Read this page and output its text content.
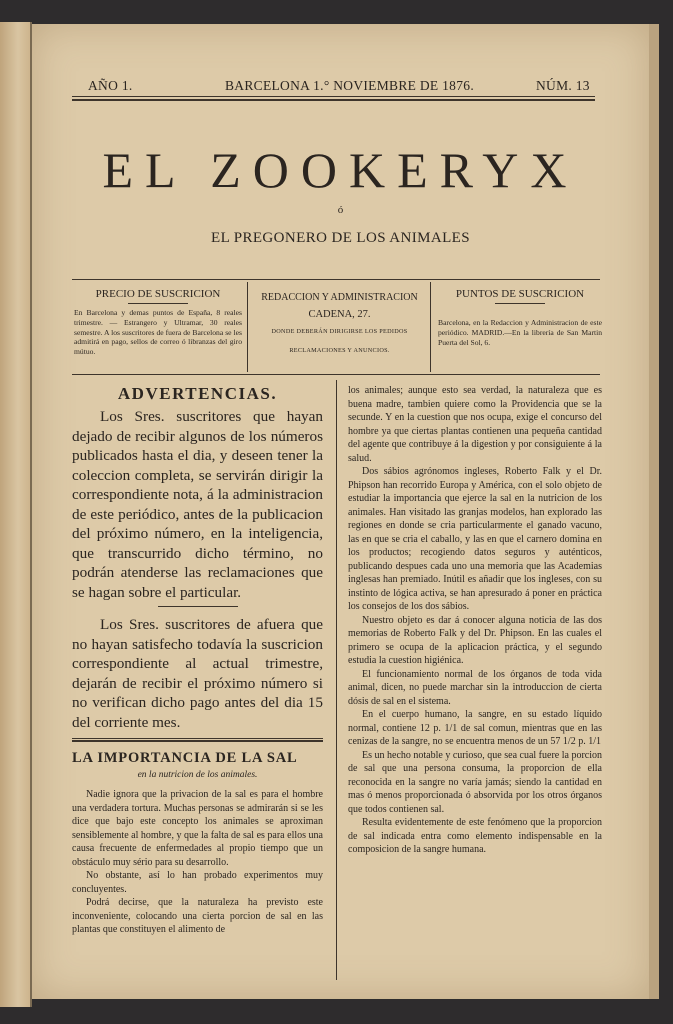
AÑO 1.	BARCELONA 1.° NOVIEMBRE DE 1876.	NÚM. 13
EL ZOOKERYX
ó
EL PREGONERO DE LOS ANIMALES
PRECIO DE SUSCRICION
En Barcelona y demas puntos de España, 8 reales trimestre. — Estrangero y Ultramar, 30 reales semestre. A los suscritores de fuera de Barcelona se les admitirá en pago, sellos de correo ó libranzas del giro mútuo.
REDACCION Y ADMINISTRACION
CADENA, 27.
DONDE DEBERÁN DIRIGIRSE LOS PEDIDOS
RECLAMACIONES Y ANUNCIOS.
PUNTOS DE SUSCRICION
Barcelona, en la Redaccion y Administracion de este periódico. MADRID.—En la librería de San Martin Puerta del Sol, 6.
ADVERTENCIAS.

Los Sres. suscritores que hayan dejado de recibir algunos de los números publicados hasta el dia, y deseen tener la coleccion completa, se servirán dirigir la correspondiente nota, á la administracion de este periódico, antes de la publicacion del próximo número, en la inteligencia, que transcurrido dicho término, no podrán atenderse las reclamaciones que se hagan sobre el particular.

Los Sres. suscritores de afuera que no hayan satisfecho todavía la suscricion correspondiente al actual trimestre, dejarán de recibir el próximo número si no verifican dicho pago antes del dia 15 del corriente mes.

LA IMPORTANCIA DE LA SAL
en la nutricion de los animales.

Nadie ignora que la privacion de la sal es para el hombre una verdadera tortura. Muchas personas se admirarán si se les dice que bajo este concepto los animales se aproximan sensiblemente al hombre, y que la falta de sal es para ellos una causa frecuente de enfermedades al propio tiempo que un obstáculo muy sério para su desarrollo.

No obstante, así lo han probado experimentos muy concluyentes.

Podrá decirse, que la naturaleza ha previsto este inconveniente, colocando una cierta porcion de sal en las plantas que constituyen el alimento de

los animales; aunque esto sea verdad, la naturaleza que es buena madre, tambien quiere como la Providencia que se la secunde. Y en la cuestion que nos ocupa, exige el concurso del hombre ya que ciertas plantas contienen una pequeña cantidad del agente que contribuye á la digestion y por consiguiente á la salud.

Dos sábios agrónomos ingleses, Roberto Falk y el Dr. Phipson han recorrido Europa y América, con el solo objeto de estudiar la importancia que ejerce la sal en la nutricion de los animales. Han visitado las granjas modelos, han explorado las regiones en donde se cria particularmente el ganado vacuno, las en que se cria el caballo, y las en que el carnero domina en los productos; recogiendo datos seguros y auténticos, publicando despues cada uno una memoria que las Academias inglesas han premiado. Inútil es añadir que los ingleses, con su instinto de lógica activa, se han apresurado á poner en práctica los consejos de los dos sábios.

Nuestro objeto es dar á conocer alguna noticia de las dos memorias de Roberto Falk y del Dr. Phipson. En las cuales el primero se ocupa de la aplicacion práctica, y el segundo estudia la cuestion higiénica.

El funcionamiento normal de los órganos de toda vida animal, dicen, no puede marchar sin la introduccion de cierta dósis de sal en el sistema.

En el cuerpo humano, la sangre, en su estado líquido normal, contiene 12 p. 1/1 de sal comun, mientras que en las cenizas de la sangre, no se encuentra menos de un 57 1/2 p. 1/1

Es un hecho notable y curioso, que sea cual fuere la porcion de sal que una persona consuma, la proporcion de ella reconocida en la sangre no varía jamás; siendo la cantidad en mas ó menos proporcionada ó absorvida por los otros órganos que todos contienen sal.

Resulta evidentemente de este fenómeno que la proporcion de sal indicada entra como elemento indispensable en la composicion de la sangre humana.
